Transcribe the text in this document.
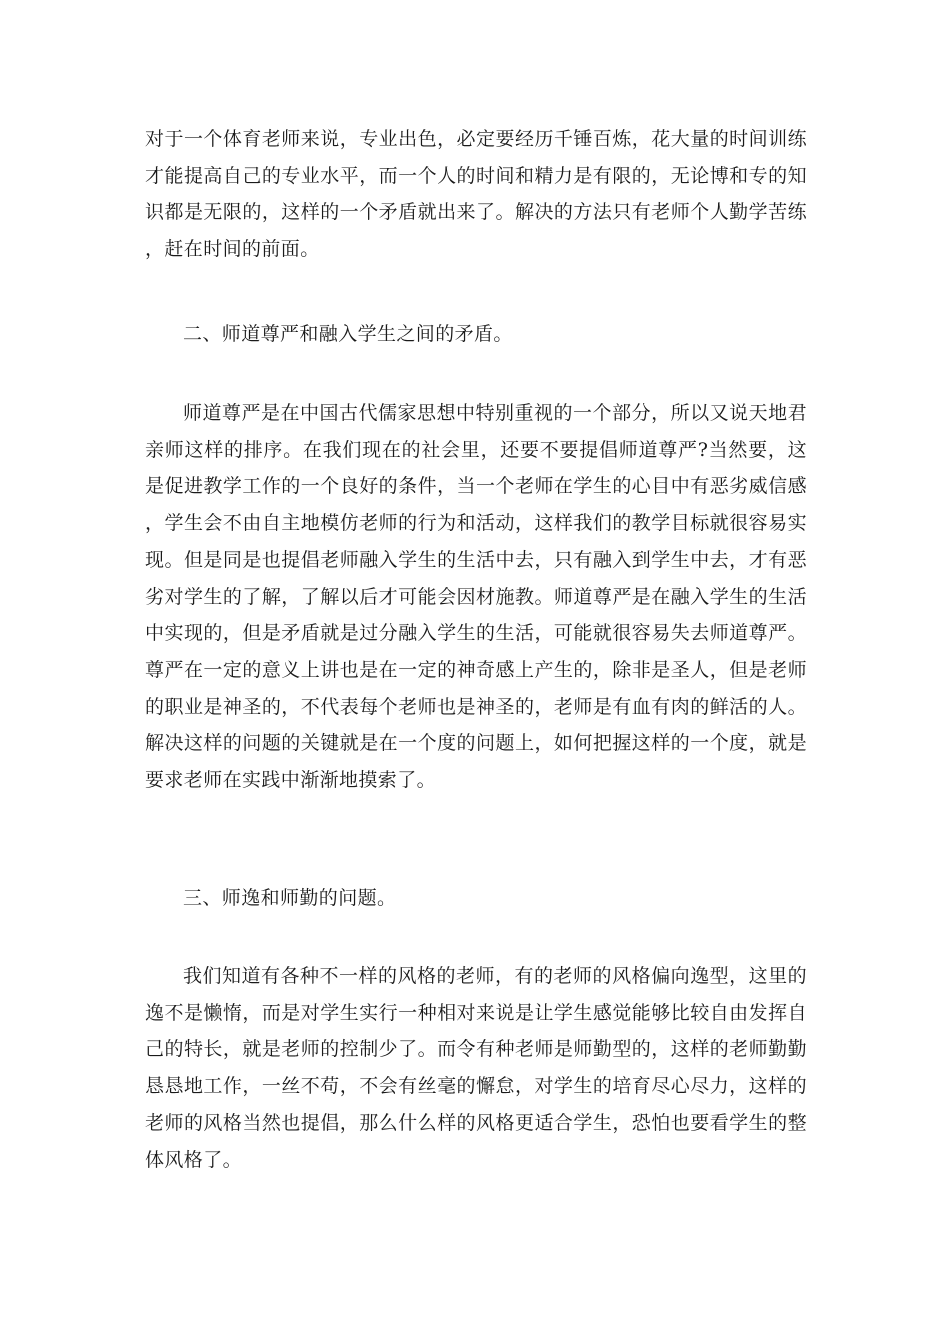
对于一个体育老师来说，专业出色，必定要经历千锤百炼，花大量的时间训练才能提高自己的专业水平，而一个人的时间和精力是有限的，无论博和专的知识都是无限的，这样的一个矛盾就出来了。解决的方法只有老师个人勤学苦练，赶在时间的前面。

二、师道尊严和融入学生之间的矛盾。

师道尊严是在中国古代儒家思想中特别重视的一个部分，所以又说天地君亲师这样的排序。在我们现在的社会里，还要不要提倡师道尊严?当然要，这是促进教学工作的一个良好的条件，当一个老师在学生的心目中有恶劣威信感，学生会不由自主地模仿老师的行为和活动，这样我们的教学目标就很容易实现。但是同是也提倡老师融入学生的生活中去，只有融入到学生中去，才有恶劣对学生的了解，了解以后才可能会因材施教。师道尊严是在融入学生的生活中实现的，但是矛盾就是过分融入学生的生活，可能就很容易失去师道尊严。尊严在一定的意义上讲也是在一定的神奇感上产生的，除非是圣人，但是老师的职业是神圣的，不代表每个老师也是神圣的，老师是有血有肉的鲜活的人。解决这样的问题的关键就是在一个度的问题上，如何把握这样的一个度，就是要求老师在实践中渐渐地摸索了。

三、师逸和师勤的问题。

我们知道有各种不一样的风格的老师，有的老师的风格偏向逸型，这里的逸不是懒惰，而是对学生实行一种相对来说是让学生感觉能够比较自由发挥自己的特长，就是老师的控制少了。而令有种老师是师勤型的，这样的老师勤勤恳恳地工作，一丝不苟，不会有丝毫的懈怠，对学生的培育尽心尽力，这样的老师的风格当然也提倡，那么什么样的风格更适合学生，恐怕也要看学生的整体风格了。
